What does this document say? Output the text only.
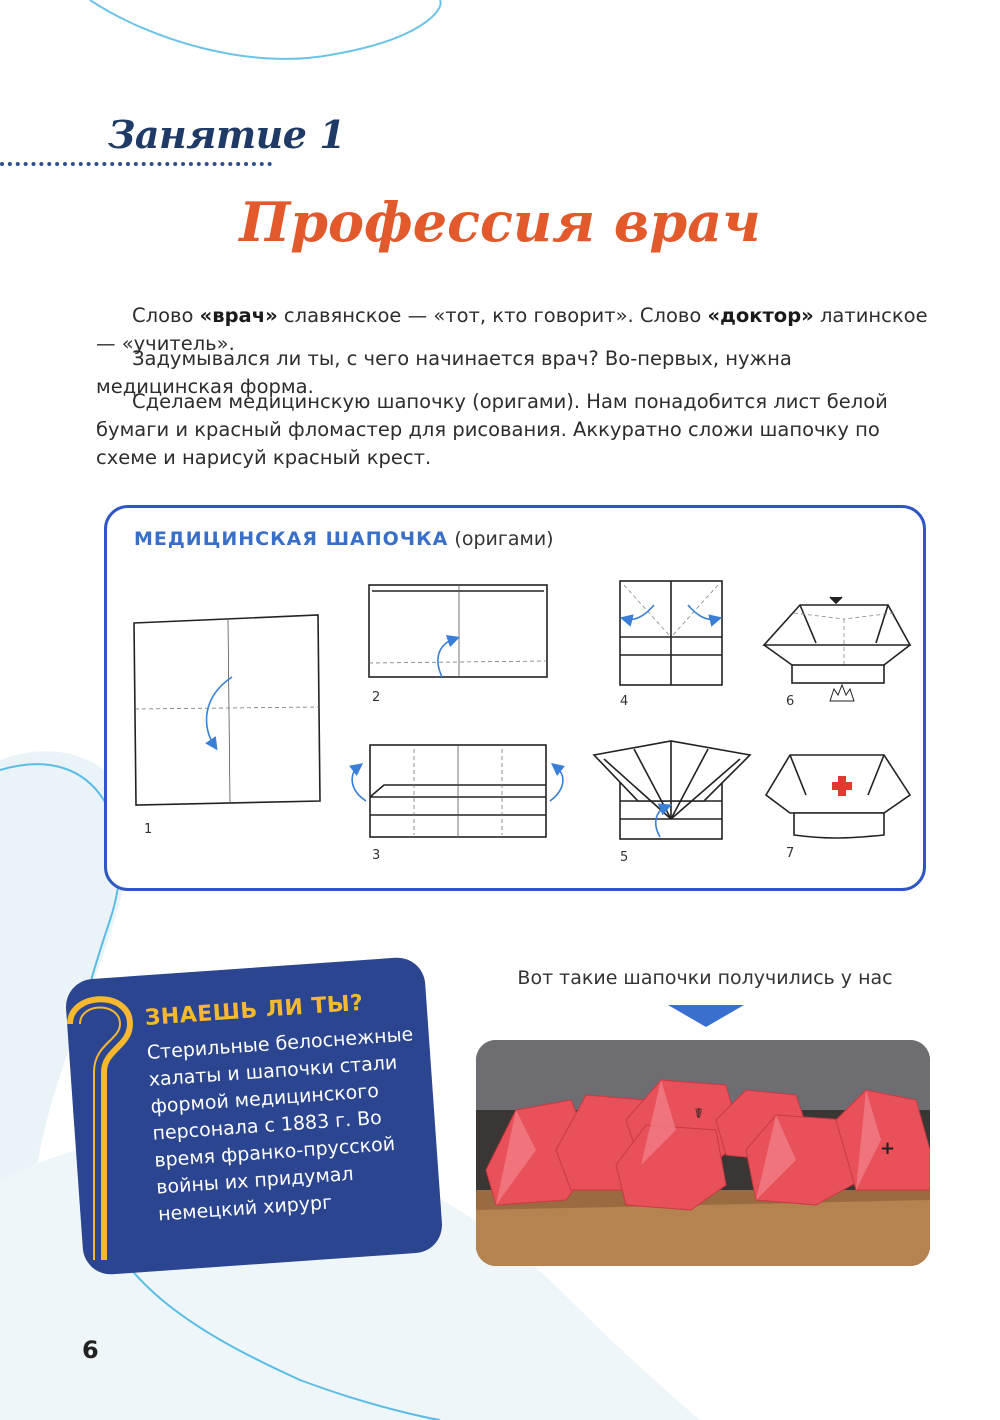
Занятие 1
Профессия врач

Слово «врач» славянское — «тот, кто говорит». Слово «доктор» латинское — «учитель».

Задумывался ли ты, с чего начинается врач? Во-первых, нужна медицинская форма.

Сделаем медицинскую шапочку (оригами). Нам понадобится лист белой бумаги и красный фломастер для рисования. Аккуратно сложи шапочку по схеме и нарисуй красный крест.

МЕДИЦИНСКАЯ ШАПОЧКА (оригами)
1
2
3
4
5
6
7
Вот такие шапочки получились у нас
☤
+
ЗНАЕШЬ ЛИ ТЫ?
Стерильные белоснежные халаты и шапочки стали формой медицинского персонала с 1883 г. Во время франко-прусской войны их придумал немецкий хирург
6
